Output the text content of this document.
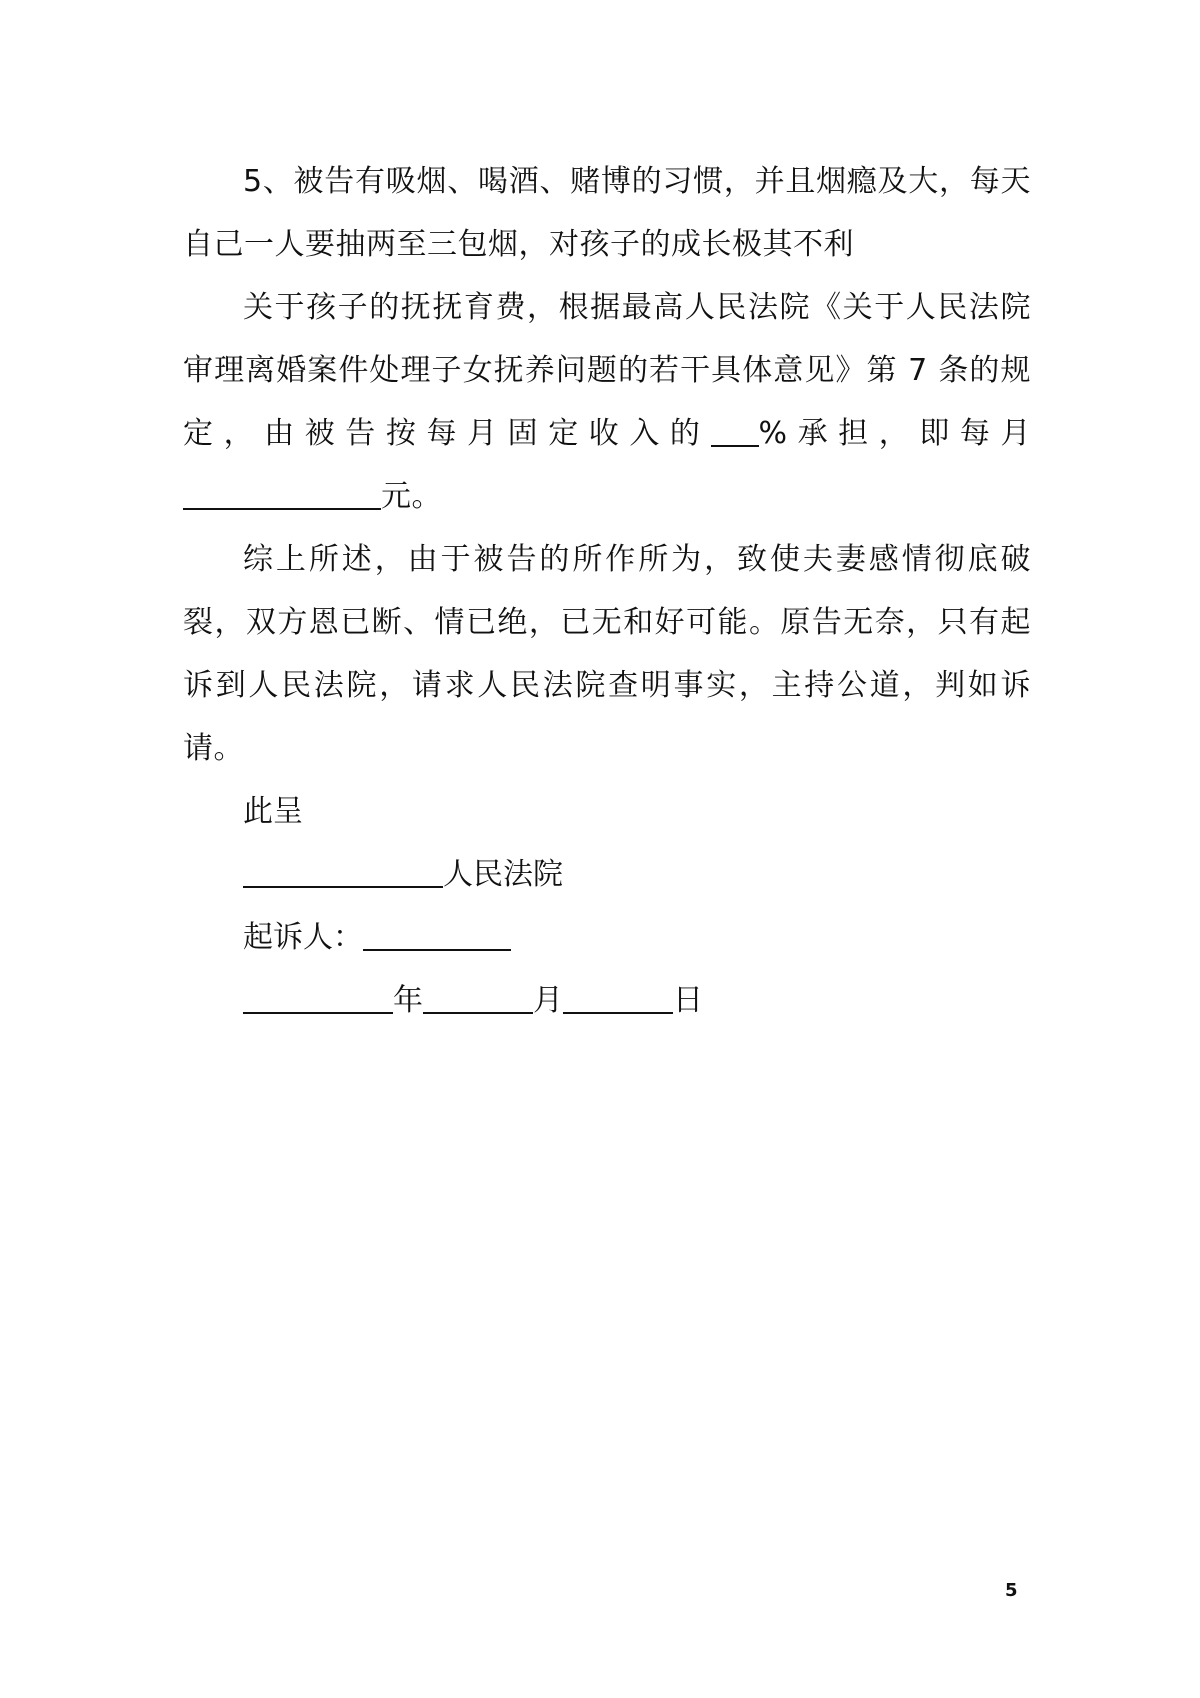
5、被告有吸烟、喝酒、赌博的习惯，并且烟瘾及大，每天自己一人要抽两至三包烟，对孩子的成长极其不利

关于孩子的抚抚育费，根据最高人民法院《关于人民法院审理离婚案件处理子女抚养问题的若干具体意见》第 7 条的规定，由被告按每月固定收入的 %承担，即每月元。

综上所述，由于被告的所作所为，致使夫妻感情彻底破裂，双方恩已断、情已绝，已无和好可能。原告无奈，只有起诉到人民法院，请求人民法院查明事实，主持公道，判如诉请。

此呈

人民法院

起诉人：

年	月	日

5
